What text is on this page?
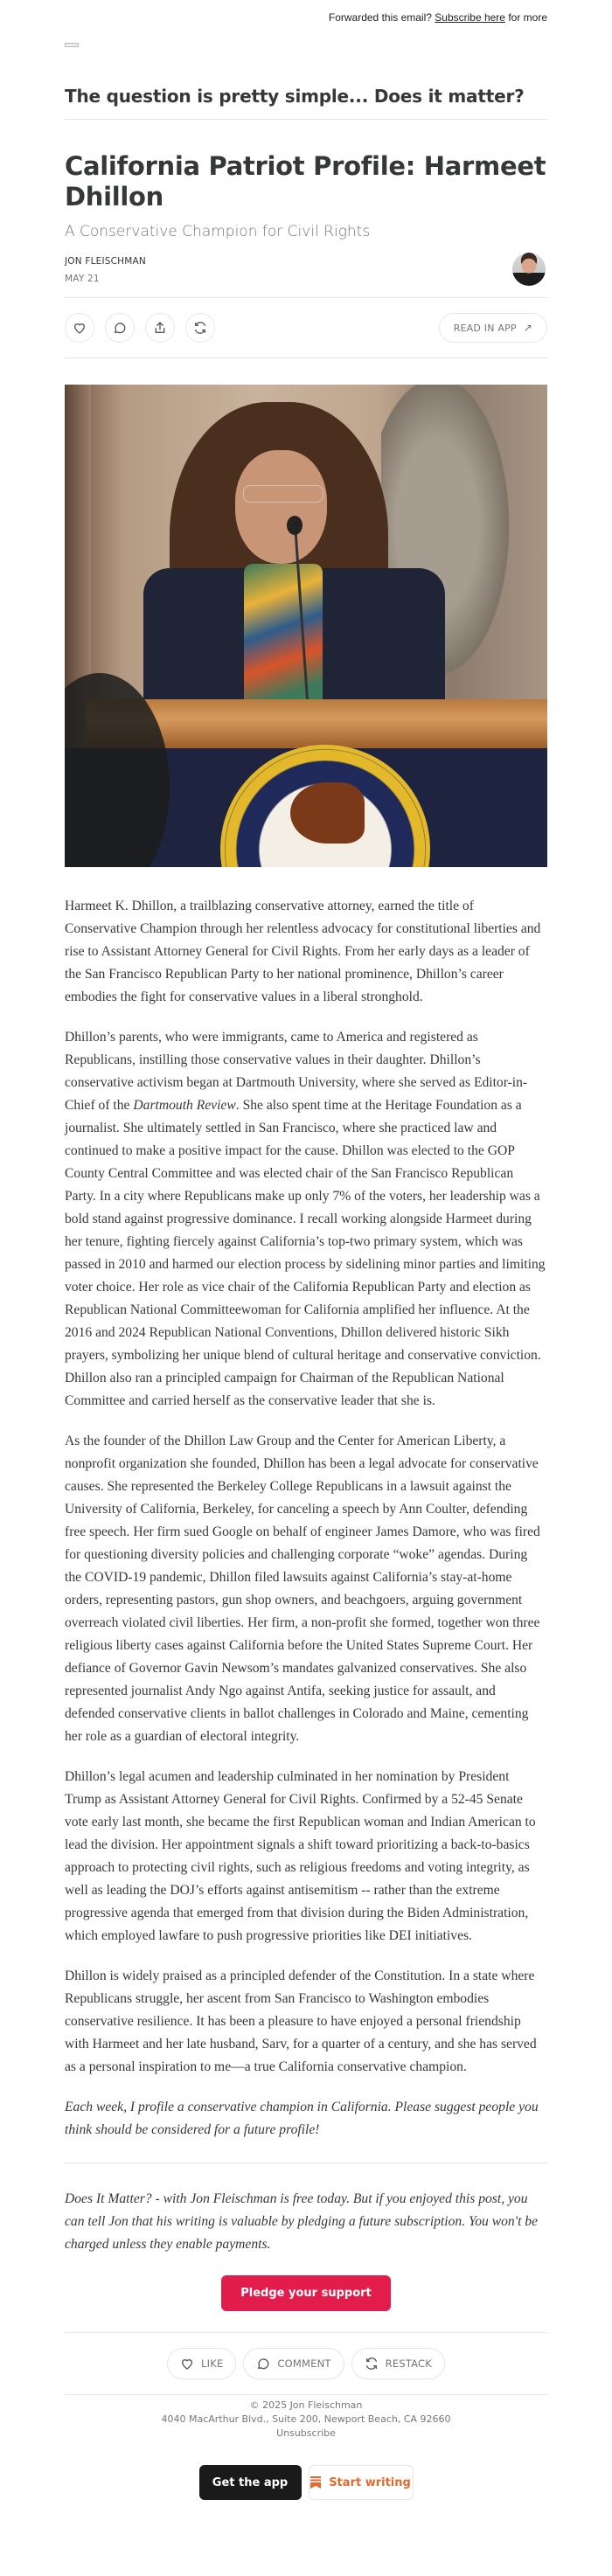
Forwarded this email? Subscribe here for more
The question is pretty simple... Does it matter?
California Patriot Profile: Harmeet Dhillon
A Conservative Champion for Civil Rights
JON FLEISCHMAN
MAY 21
READ IN APP ↗

Harmeet K. Dhillon, a trailblazing conservative attorney, earned the title of Conservative Champion through her relentless advocacy for constitutional liberties and rise to Assistant Attorney General for Civil Rights. From her early days as a leader of the San Francisco Republican Party to her national prominence, Dhillon’s career embodies the fight for conservative values in a liberal stronghold.

Dhillon’s parents, who were immigrants, came to America and registered as Republicans, instilling those conservative values in their daughter. Dhillon’s conservative activism began at Dartmouth University, where she served as Editor-in-Chief of the Dartmouth Review. She also spent time at the Heritage Foundation as a journalist. She ultimately settled in San Francisco, where she practiced law and continued to make a positive impact for the cause. Dhillon was elected to the GOP County Central Committee and was elected chair of the San Francisco Republican Party. In a city where Republicans make up only 7% of the voters, her leadership was a bold stand against progressive dominance. I recall working alongside Harmeet during her tenure, fighting fiercely against California’s top-two primary system, which was passed in 2010 and harmed our election process by sidelining minor parties and limiting voter choice. Her role as vice chair of the California Republican Party and election as Republican National Committeewoman for California amplified her influence. At the 2016 and 2024 Republican National Conventions, Dhillon delivered historic Sikh prayers, symbolizing her unique blend of cultural heritage and conservative conviction. Dhillon also ran a principled campaign for Chairman of the Republican National Committee and carried herself as the conservative leader that she is.

As the founder of the Dhillon Law Group and the Center for American Liberty, a nonprofit organization she founded, Dhillon has been a legal advocate for conservative causes. She represented the Berkeley College Republicans in a lawsuit against the University of California, Berkeley, for canceling a speech by Ann Coulter, defending free speech. Her firm sued Google on behalf of engineer James Damore, who was fired for questioning diversity policies and challenging corporate “woke” agendas. During the COVID-19 pandemic, Dhillon filed lawsuits against California’s stay-at-home orders, representing pastors, gun shop owners, and beachgoers, arguing government overreach violated civil liberties. Her firm, a non-profit she formed, together won three religious liberty cases against California before the United States Supreme Court. Her defiance of Governor Gavin Newsom’s mandates galvanized conservatives. She also represented journalist Andy Ngo against Antifa, seeking justice for assault, and defended conservative clients in ballot challenges in Colorado and Maine, cementing her role as a guardian of electoral integrity.

Dhillon’s legal acumen and leadership culminated in her nomination by President Trump as Assistant Attorney General for Civil Rights. Confirmed by a 52-45 Senate vote early last month, she became the first Republican woman and Indian American to lead the division. Her appointment signals a shift toward prioritizing a back-to-basics approach to protecting civil rights, such as religious freedoms and voting integrity, as well as leading the DOJ’s efforts against antisemitism -- rather than the extreme progressive agenda that emerged from that division during the Biden Administration, which employed lawfare to push progressive priorities like DEI initiatives.

Dhillon is widely praised as a principled defender of the Constitution. In a state where Republicans struggle, her ascent from San Francisco to Washington embodies conservative resilience. It has been a pleasure to have enjoyed a personal friendship with Harmeet and her late husband, Sarv, for a quarter of a century, and she has served as a personal inspiration to me—a true California conservative champion.

Each week, I profile a conservative champion in California. Please suggest people you think should be considered for a future profile!

Does It Matter? - with Jon Fleischman is free today. But if you enjoyed this post, you can tell Jon that his writing is valuable by pledging a future subscription. You won't be charged unless they enable payments.
Pledge your support
LIKE	COMMENT	RESTACK
© 2025 Jon Fleischman
4040 MacArthur Blvd., Suite 200, Newport Beach, CA 92660
Unsubscribe
Get the app	Start writing
